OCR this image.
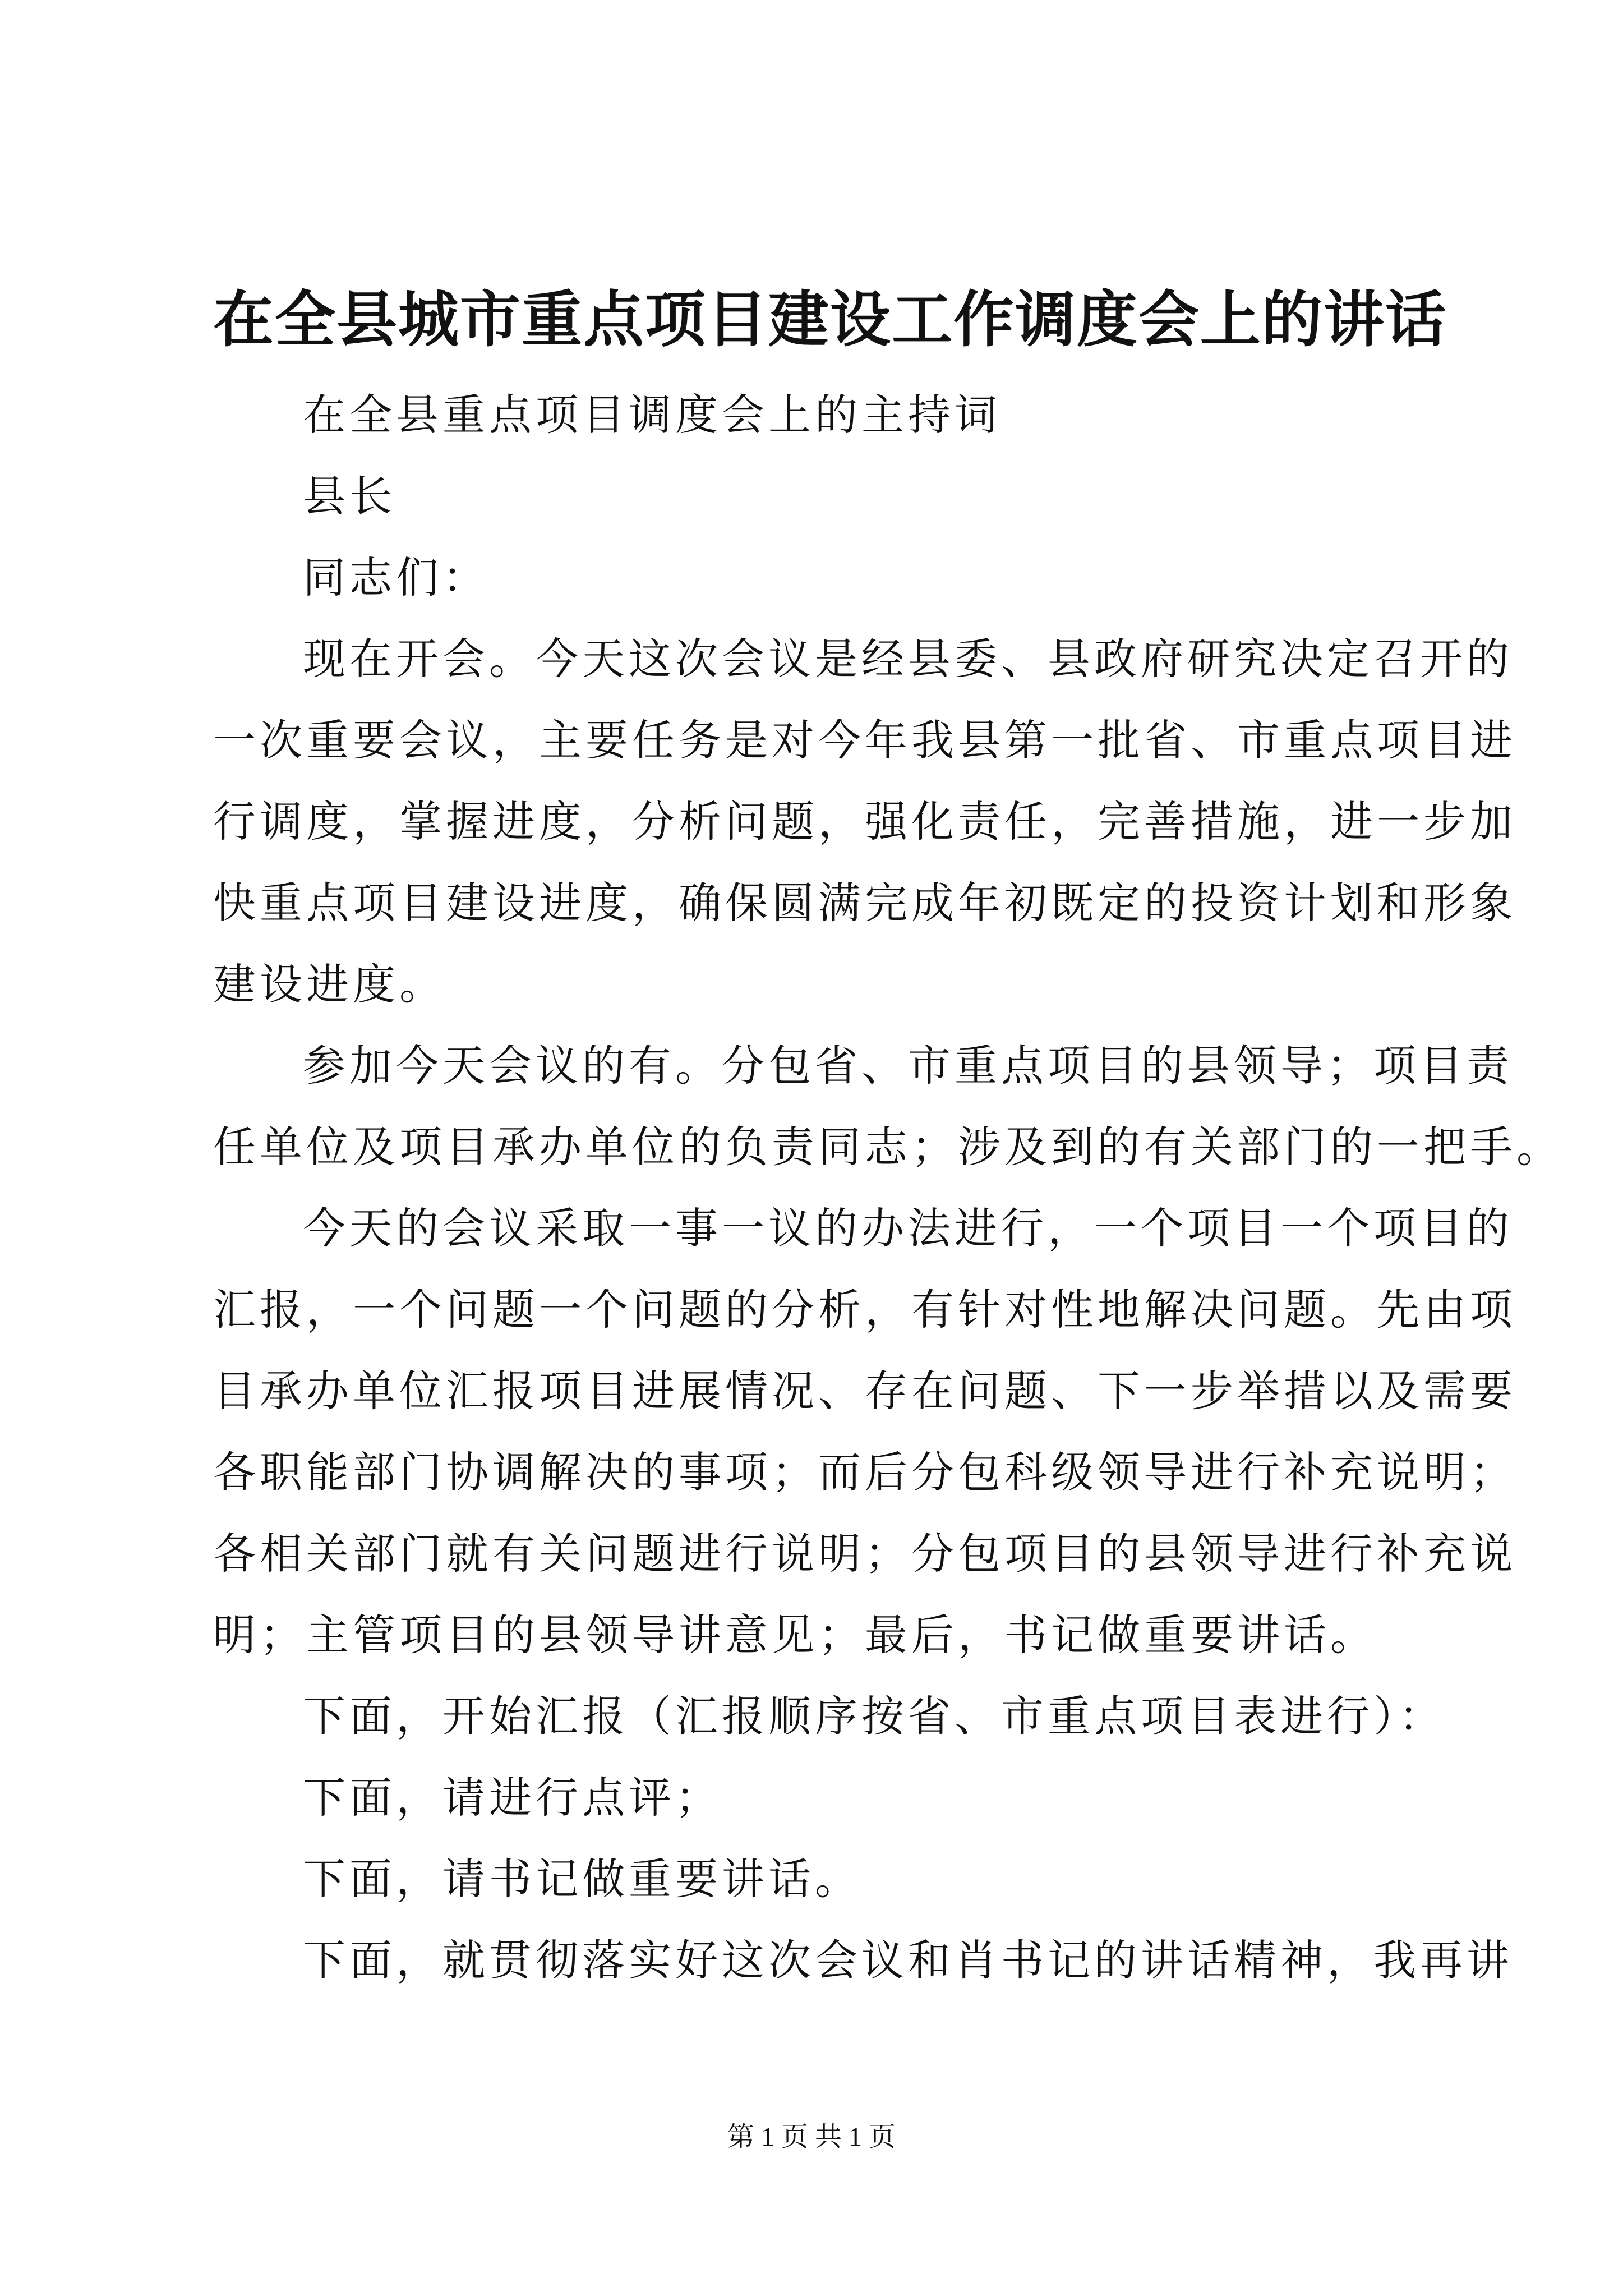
在全县城市重点项目建设工作调度会上的讲话
在全县重点项目调度会上的主持词
县长
同志们：
现在开会。今天这次会议是经县委、县政府研究决定召开的
一次重要会议，主要任务是对今年我县第一批省、市重点项目进
行调度，掌握进度，分析问题，强化责任，完善措施，进一步加
快重点项目建设进度，确保圆满完成年初既定的投资计划和形象
建设进度。
参加今天会议的有。分包省、市重点项目的县领导；项目责
任单位及项目承办单位的负责同志；涉及到的有关部门的一把手。
今天的会议采取一事一议的办法进行，一个项目一个项目的
汇报，一个问题一个问题的分析，有针对性地解决问题。先由项
目承办单位汇报项目进展情况、存在问题、下一步举措以及需要
各职能部门协调解决的事项；而后分包科级领导进行补充说明；
各相关部门就有关问题进行说明；分包项目的县领导进行补充说
明；主管项目的县领导讲意见；最后，书记做重要讲话。
下面，开始汇报（汇报顺序按省、市重点项目表进行）：
下面，请进行点评；
下面，请书记做重要讲话。
下面，就贯彻落实好这次会议和肖书记的讲话精神，我再讲
第 1 页 共 1 页
